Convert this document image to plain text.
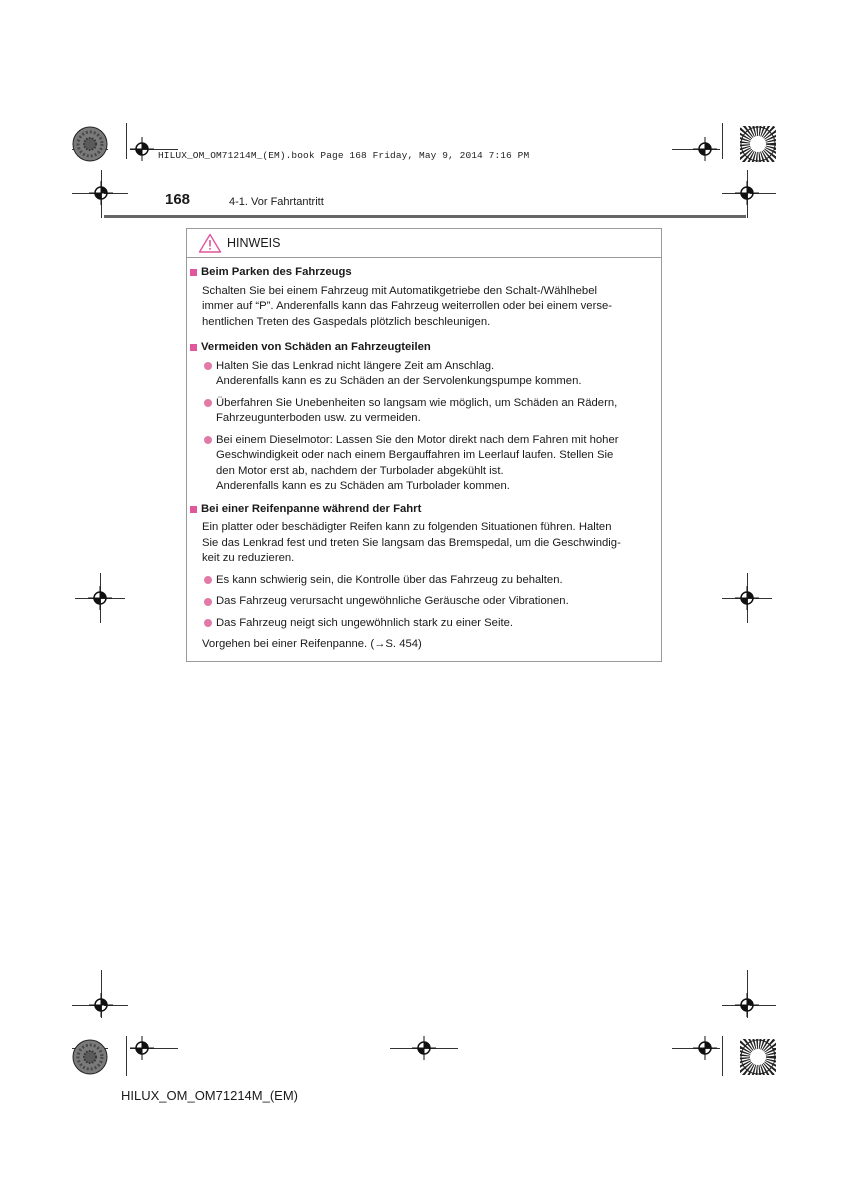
HILUX_OM_OM71214M_(EM).book Page 168 Friday, May 9, 2014 7:16 PM
168	4-1. Vor Fahrtantritt
HINWEIS
Beim Parken des Fahrzeugs
Schalten Sie bei einem Fahrzeug mit Automatikgetriebe den Schalt-/Wählhebel
immer auf “P”. Anderenfalls kann das Fahrzeug weiterrollen oder bei einem verse-
hentlichen Treten des Gaspedals plötzlich beschleunigen.
Vermeiden von Schäden an Fahrzeugteilen
Halten Sie das Lenkrad nicht längere Zeit am Anschlag.
Anderenfalls kann es zu Schäden an der Servolenkungspumpe kommen.
Überfahren Sie Unebenheiten so langsam wie möglich, um Schäden an Rädern,
Fahrzeugunterboden usw. zu vermeiden.
Bei einem Dieselmotor: Lassen Sie den Motor direkt nach dem Fahren mit hoher
Geschwindigkeit oder nach einem Bergauffahren im Leerlauf laufen. Stellen Sie
den Motor erst ab, nachdem der Turbolader abgekühlt ist.
Anderenfalls kann es zu Schäden am Turbolader kommen.
Bei einer Reifenpanne während der Fahrt
Ein platter oder beschädigter Reifen kann zu folgenden Situationen führen. Halten
Sie das Lenkrad fest und treten Sie langsam das Bremspedal, um die Geschwindig-
keit zu reduzieren.
Es kann schwierig sein, die Kontrolle über das Fahrzeug zu behalten.
Das Fahrzeug verursacht ungewöhnliche Geräusche oder Vibrationen.
Das Fahrzeug neigt sich ungewöhnlich stark zu einer Seite.
Vorgehen bei einer Reifenpanne. (→S. 454)
HILUX_OM_OM71214M_(EM)
